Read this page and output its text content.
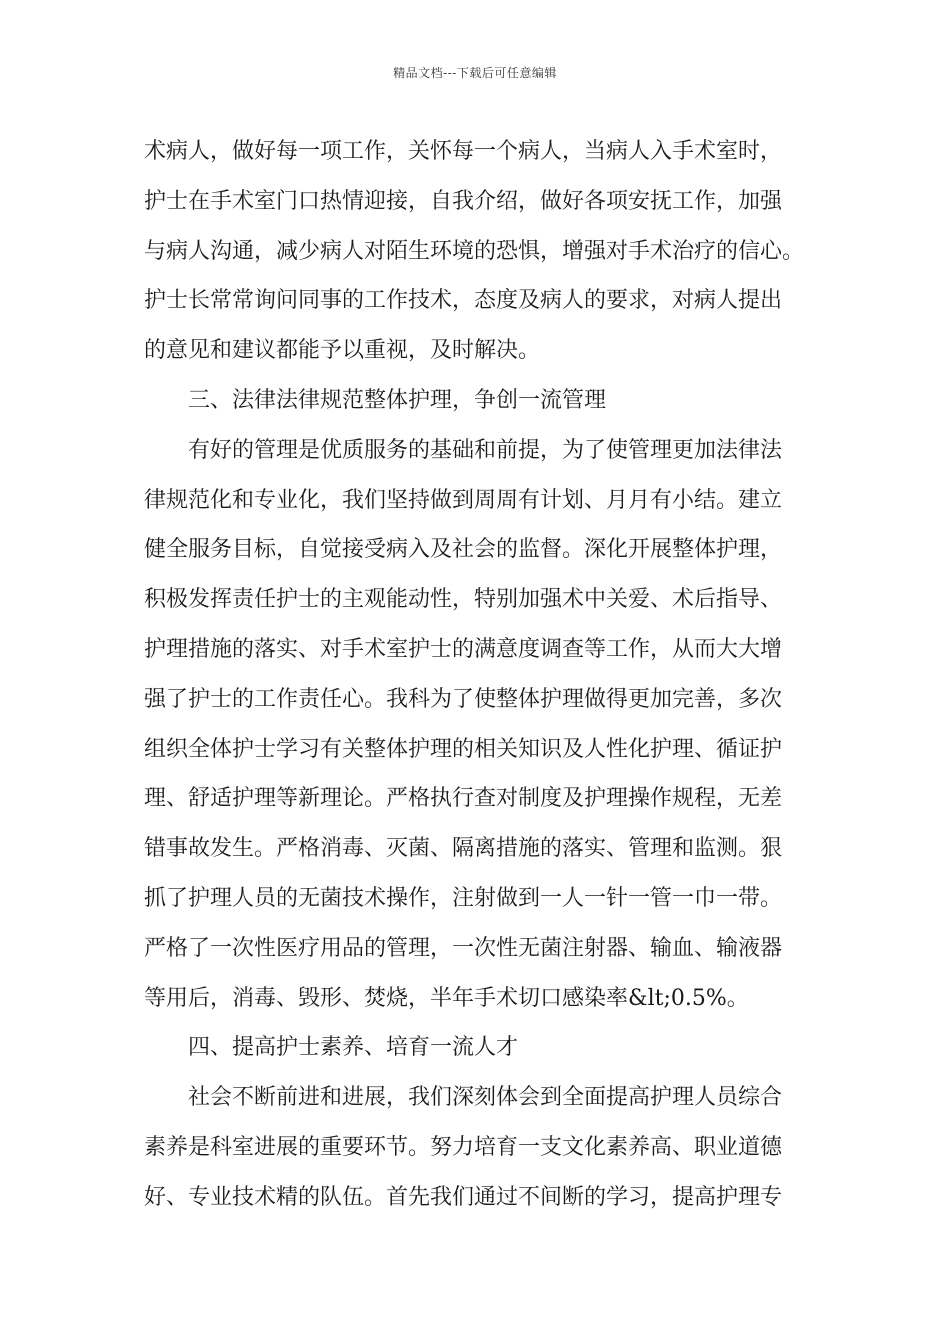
精品文档---下载后可任意编辑
术病人，做好每一项工作，关怀每一个病人，当病人入手术室时，
护士在手术室门口热情迎接，自我介绍，做好各项安抚工作，加强
与病人沟通，减少病人对陌生环境的恐惧，增强对手术治疗的信心。
护士长常常询问同事的工作技术，态度及病人的要求，对病人提出
的意见和建议都能予以重视，及时解决。
三、法律法律规范整体护理，争创一流管理
有好的管理是优质服务的基础和前提，为了使管理更加法律法
律规范化和专业化，我们坚持做到周周有计划、月月有小结。建立
健全服务目标，自觉接受病入及社会的监督。深化开展整体护理，
积极发挥责任护士的主观能动性，特别加强术中关爱、术后指导、
护理措施的落实、对手术室护士的满意度调查等工作，从而大大增
强了护士的工作责任心。我科为了使整体护理做得更加完善，多次
组织全体护士学习有关整体护理的相关知识及人性化护理、循证护
理、舒适护理等新理论。严格执行查对制度及护理操作规程，无差
错事故发生。严格消毒、灭菌、隔离措施的落实、管理和监测。狠
抓了护理人员的无菌技术操作，注射做到一人一针一管一巾一带。
严格了一次性医疗用品的管理，一次性无菌注射器、输血、输液器
等用后，消毒、毁形、焚烧，半年手术切口感染率&lt;0.5%。
四、提高护士素养、培育一流人才
社会不断前进和进展，我们深刻体会到全面提高护理人员综合
素养是科室进展的重要环节。努力培育一支文化素养高、职业道德
好、专业技术精的队伍。首先我们通过不间断的学习，提高护理专
